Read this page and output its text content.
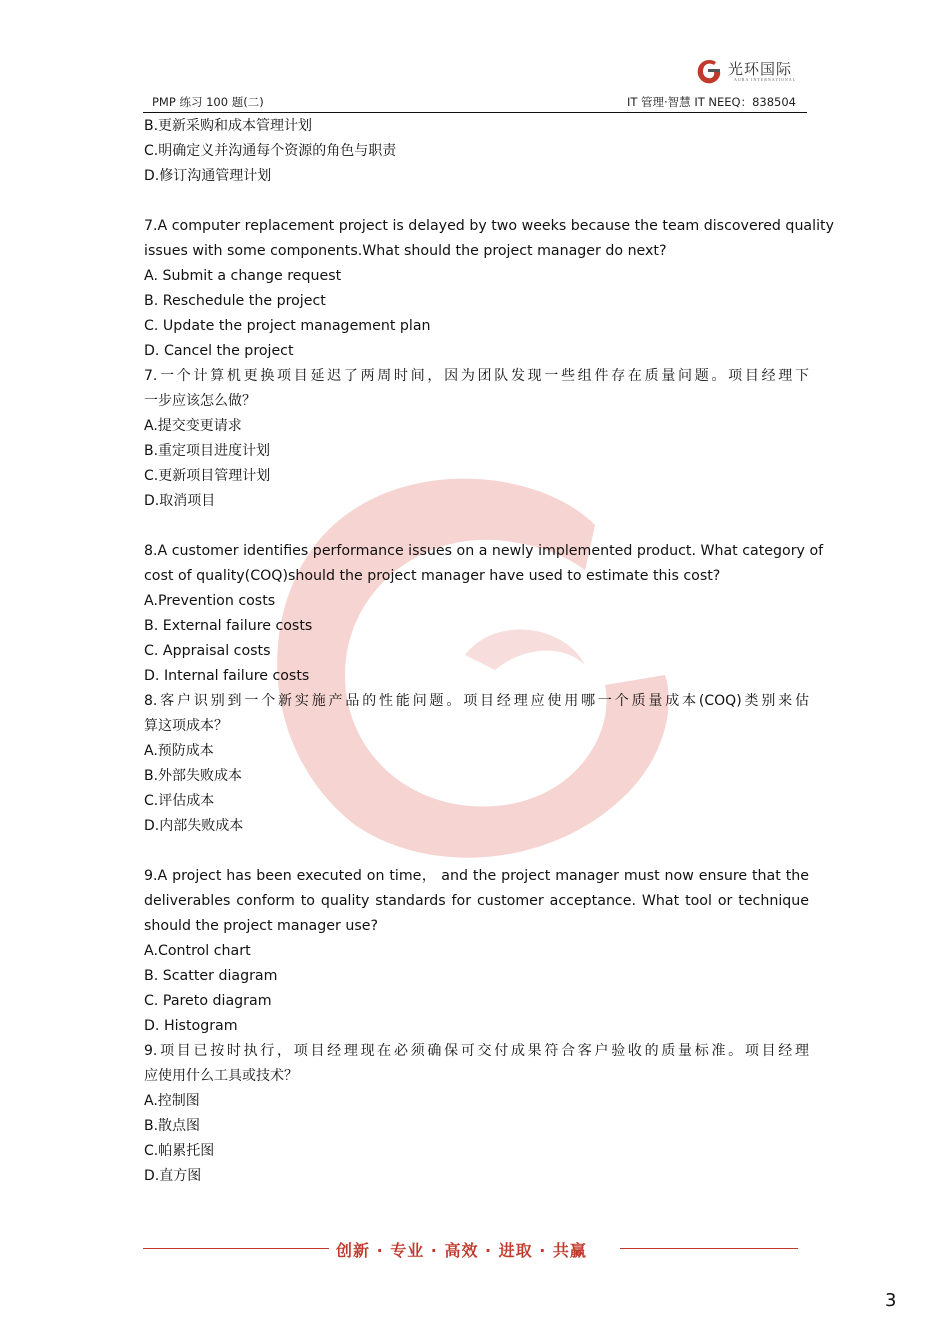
光环国际
AURA INTERNATIONAL
PMP 练习 100 题(二)	IT 管理·智慧 IT NEEQ：838504
B.更新采购和成本管理计划
C.明确定义并沟通每个资源的角色与职责
D.修订沟通管理计划
7.A computer replacement project is delayed by two weeks because the team discovered quality
issues with some components.What should the project manager do next?
A. Submit a change request
B. Reschedule the project
C. Update the project management plan
D. Cancel the project
7.一个计算机更换项目延迟了两周时间，因为团队发现一些组件存在质量问题。项目经理下
一步应该怎么做？
A.提交变更请求
B.重定项目进度计划
C.更新项目管理计划
D.取消项目
8.A customer identifies performance issues on a newly implemented product. What category of
cost of quality(COQ)should the project manager have used to estimate this cost?
A.Prevention costs
B. External failure costs
C. Appraisal costs
D. Internal failure costs
8.客户识别到一个新实施产品的性能问题。项目经理应使用哪一个质量成本(COQ)类别来估
算这项成本？
A.预防成本
B.外部失败成本
C.评估成本
D.内部失败成本
9.A project has been executed on time， and the project manager must now ensure that the
deliverables conform to quality standards for customer acceptance. What tool or technique
should the project manager use?
A.Control chart
B. Scatter diagram
C. Pareto diagram
D. Histogram
9.项目已按时执行，项目经理现在必须确保可交付成果符合客户验收的质量标准。项目经理
应使用什么工具或技术？
A.控制图
B.散点图
C.帕累托图
D.直方图
创新 · 专业 · 高效 · 进取 · 共赢
3
